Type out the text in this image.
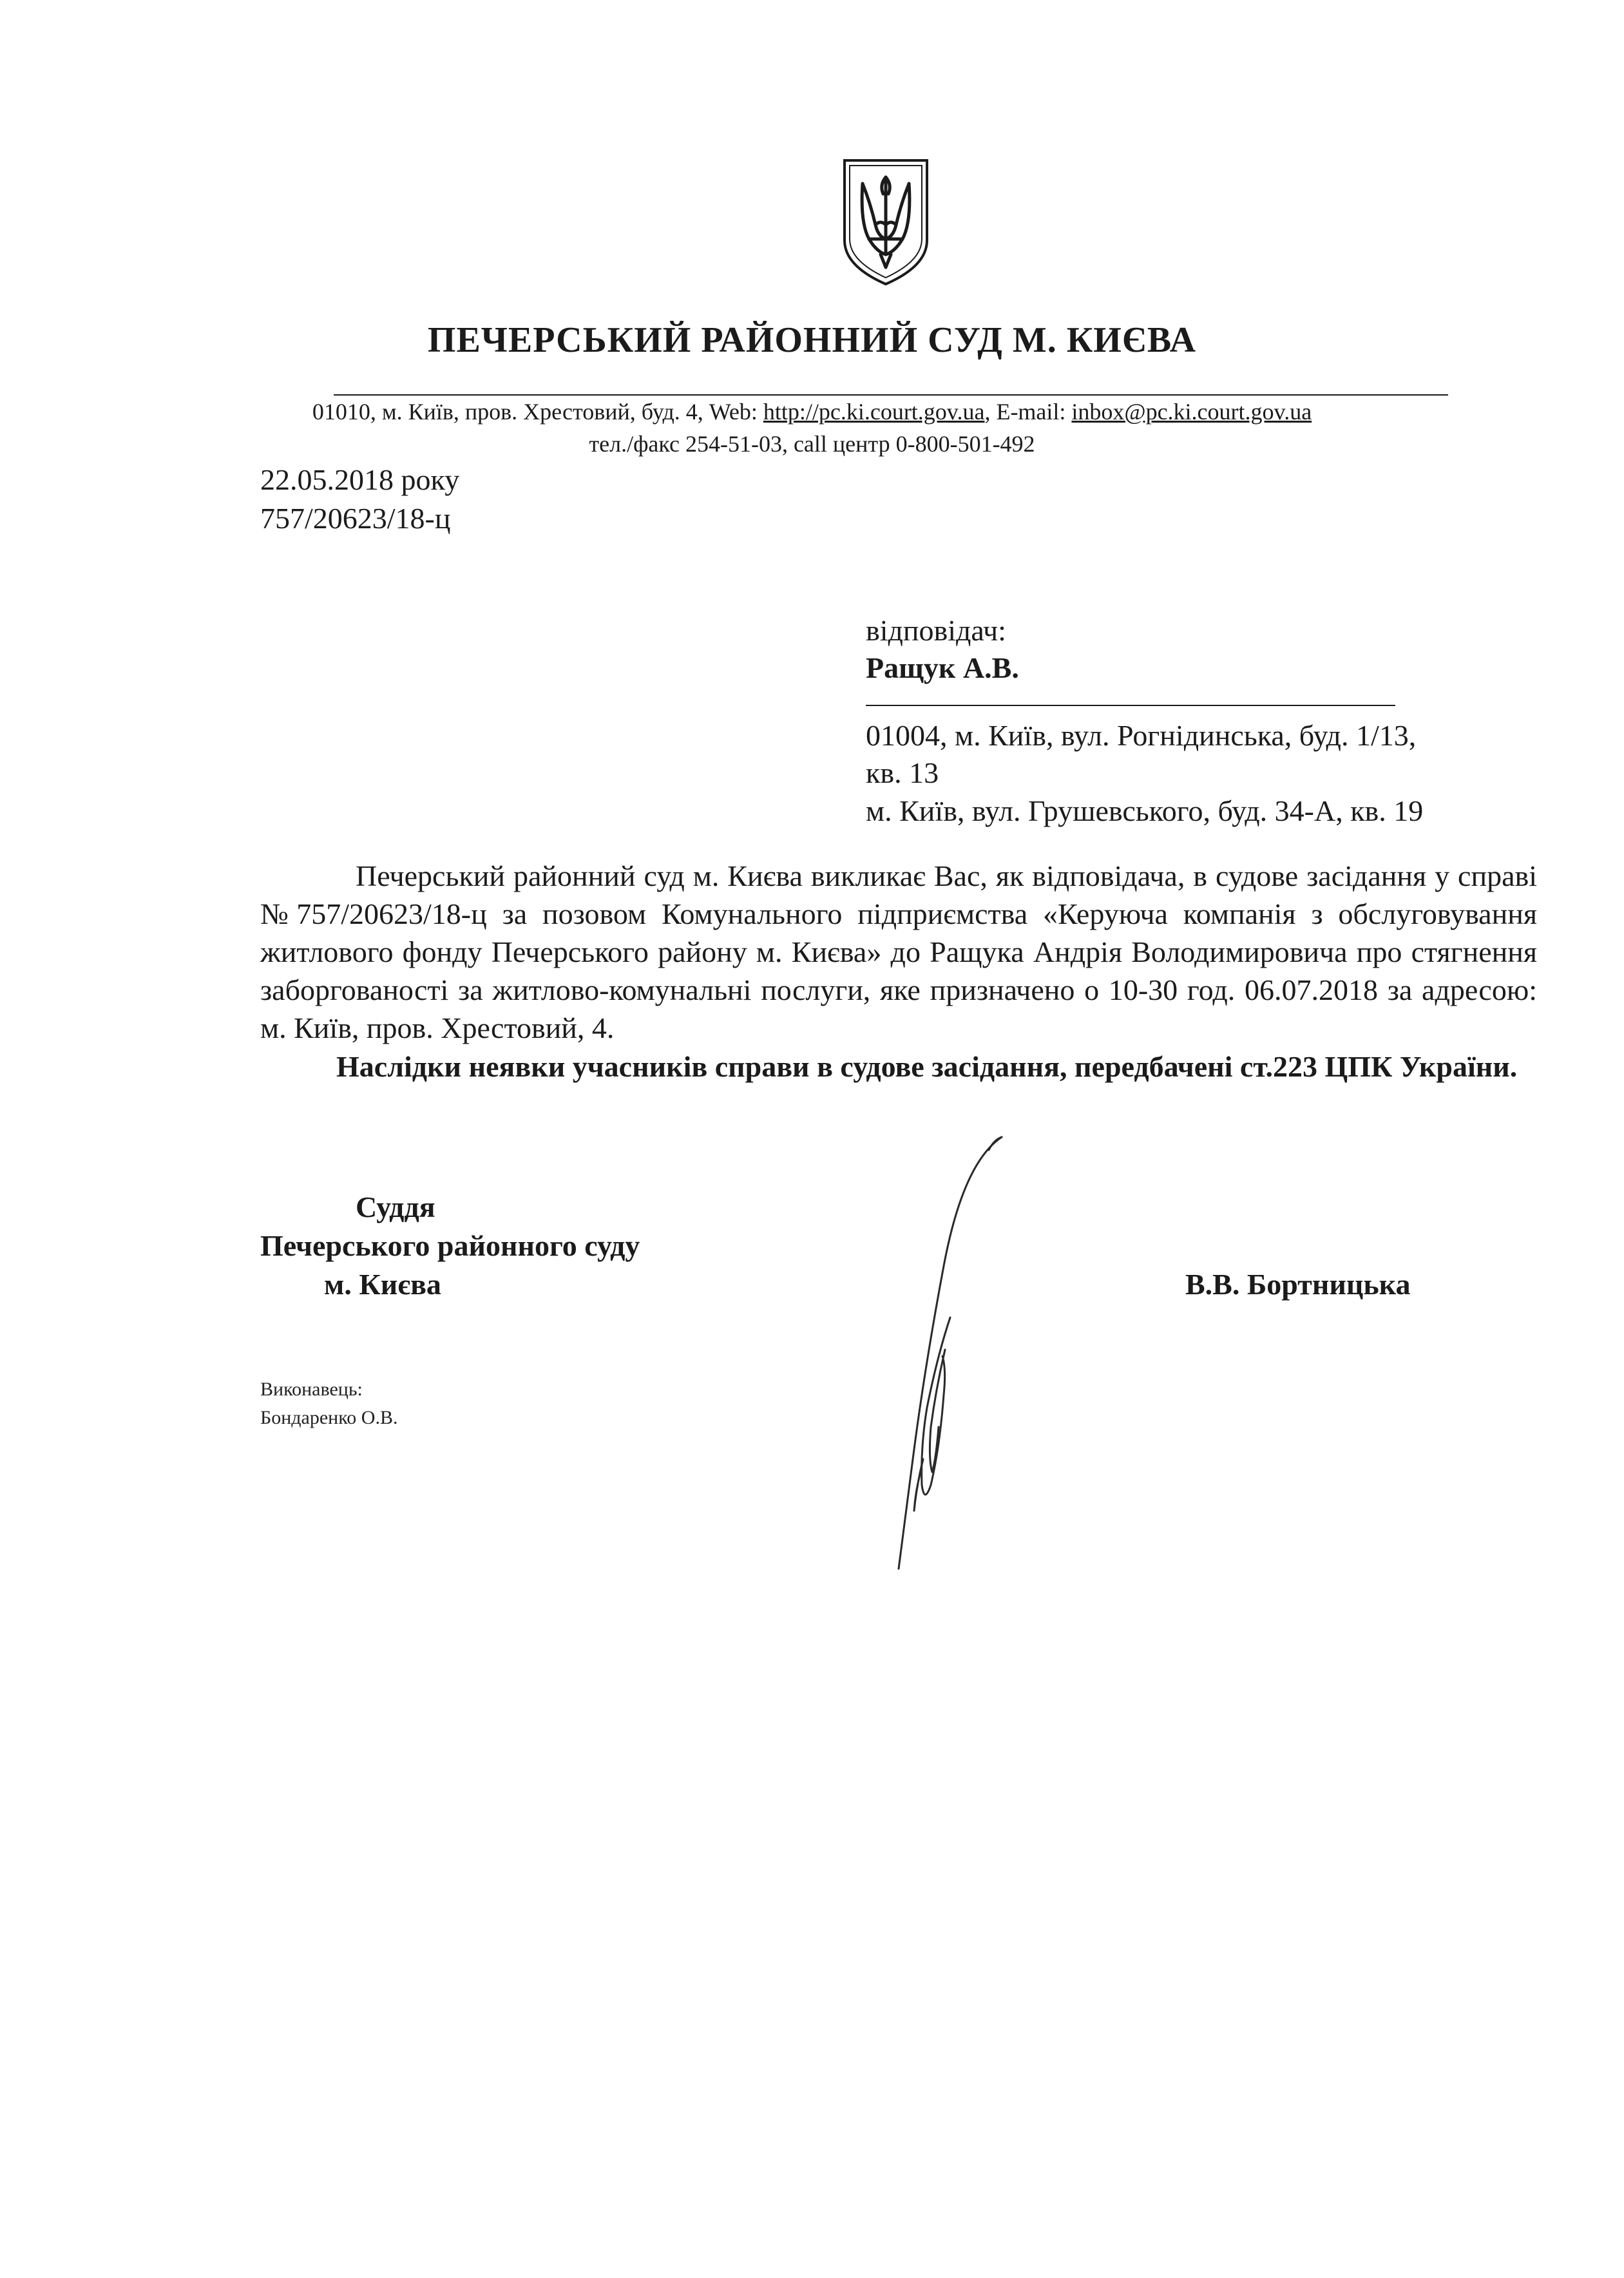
ПЕЧЕРСЬКИЙ РАЙОННИЙ СУД М. КИЄВА
01010, м. Київ, пров. Хрестовий, буд. 4, Web: http://pc.ki.court.gov.ua, E-mail: inbox@pc.ki.court.gov.ua
тел./факс 254-51-03, call центр 0-800-501-492
22.05.2018 року
757/20623/18-ц
відповідач:
Ращук А.В.
01004, м. Київ, вул. Рогнідинська, буд. 1/13,
кв. 13
м. Київ, вул. Грушевського, буд. 34-А, кв. 19

Печерський районний суд м. Києва викликає Вас, як відповідача, в судове засідання у справі №757/20623/18-ц за позовом Комунального підприємства «Керуюча компанія з обслуговування житлового фонду Печерського району м. Києва» до Ращука Андрія Володимировича про стягнення заборгованості за житлово-комунальні послуги, яке призначено о 10-30 год. 06.07.2018 за адресою: м. Київ, пров. Хрестовий, 4.

Наслідки неявки учасників справи в судове засідання, передбачені ст.223 ЦПК України.

Суддя
Печерського районного суду
м. Києва	В.В. Бортницька
Виконавець:
Бондаренко О.В.
